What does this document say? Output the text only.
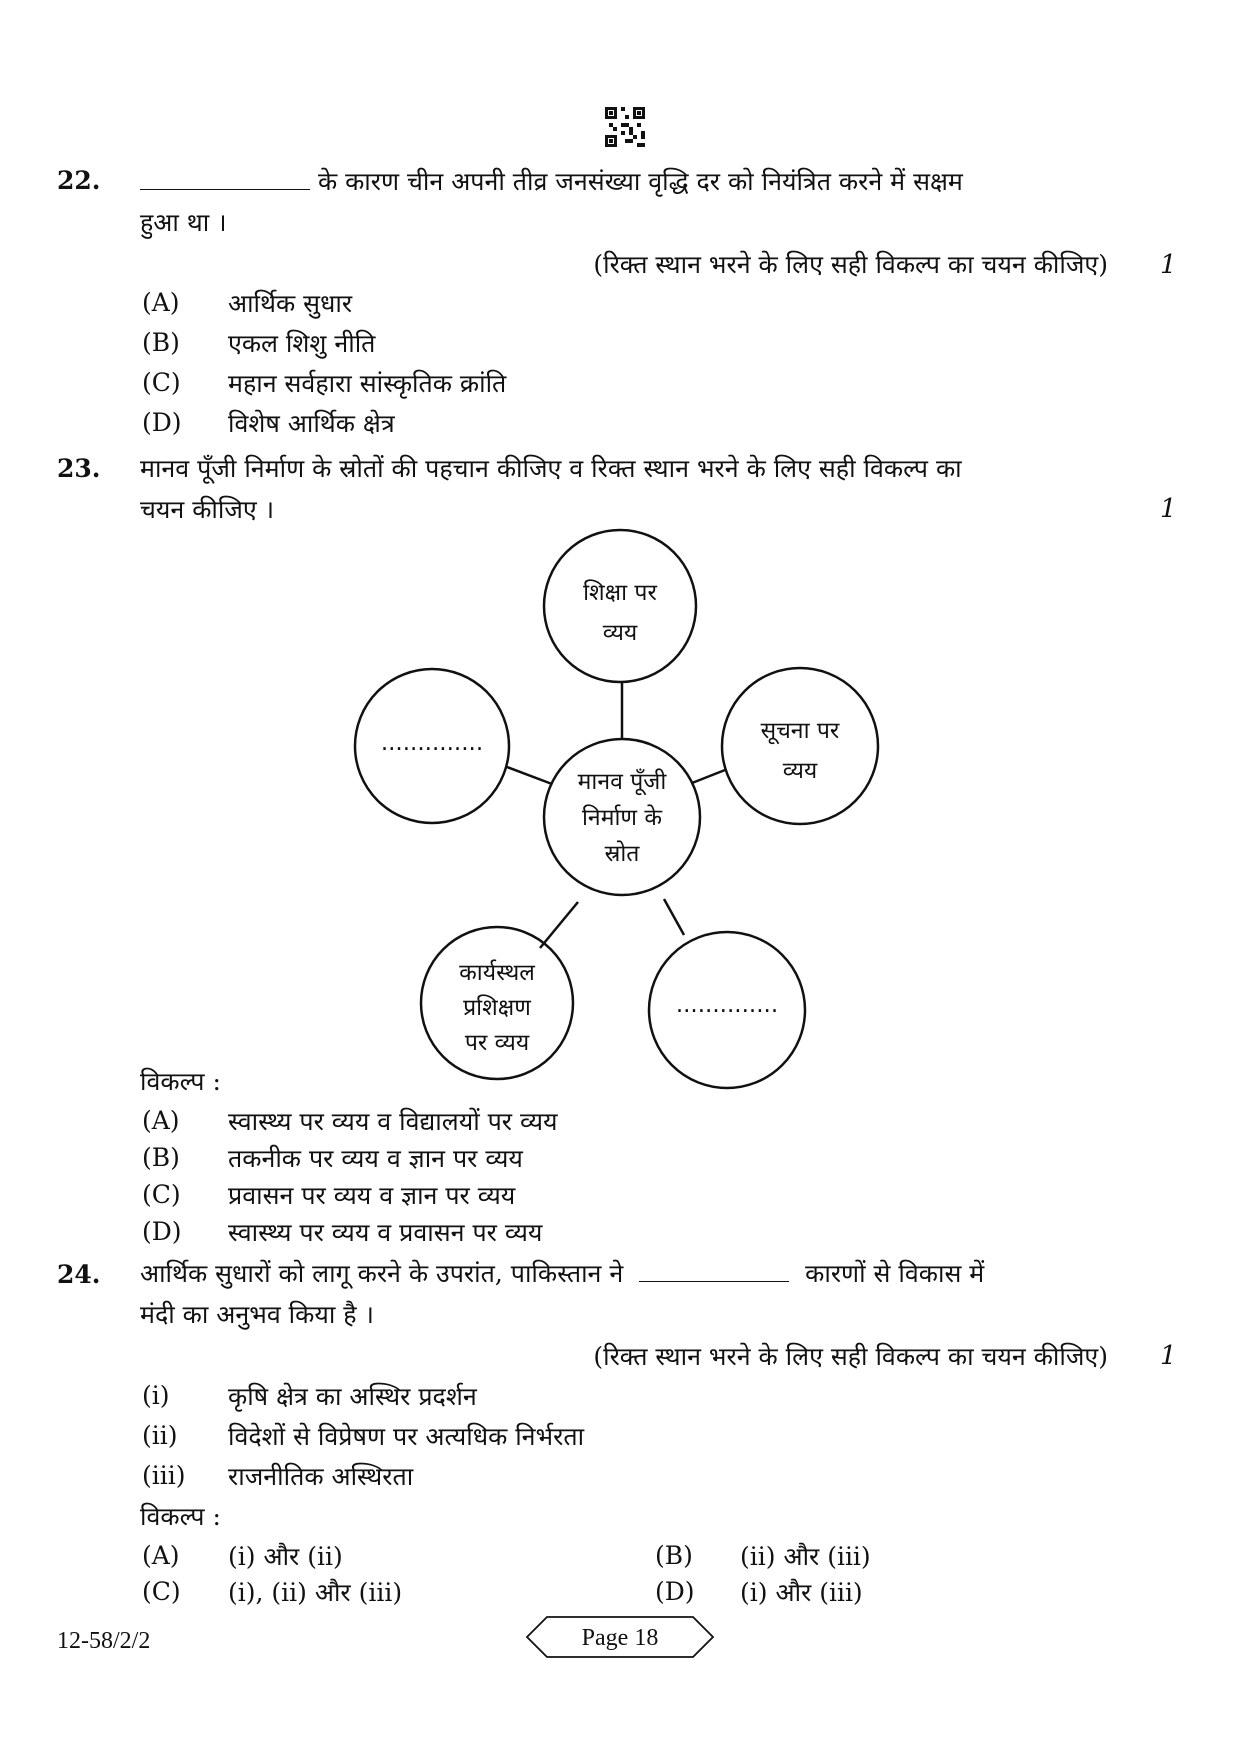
22.	के कारण चीन अपनी तीव्र जनसंख्या वृद्धि दर को नियंत्रित करने में सक्षम
हुआ था ।
(रिक्त स्थान भरने के लिए सही विकल्प का चयन कीजिए) 1
(A) आर्थिक सुधार
(B) एकल शिशु नीति
(C) महान सर्वहारा सांस्कृतिक क्रांति
(D) विशेष आर्थिक क्षेत्र
23. मानव पूँजी निर्माण के स्रोतों की पहचान कीजिए व रिक्त स्थान भरने के लिए सही विकल्प का
चयन कीजिए ।	1
मानव पूँजी
निर्माण के
स्रोत
शिक्षा पर
व्यय
सूचना पर
व्यय
..............
कार्यस्थल
प्रशिक्षण
पर व्यय
..............
विकल्प :
(A) स्वास्थ्य पर व्यय व विद्यालयों पर व्यय
(B) तकनीक पर व्यय व ज्ञान पर व्यय
(C) प्रवासन पर व्यय व ज्ञान पर व्यय
(D) स्वास्थ्य पर व्यय व प्रवासन पर व्यय
24. आर्थिक सुधारों को लागू करने के उपरांत, पाकिस्तान ने	कारणों से विकास में
मंदी का अनुभव किया है ।
(रिक्त स्थान भरने के लिए सही विकल्प का चयन कीजिए) 1
(i) कृषि क्षेत्र का अस्थिर प्रदर्शन
(ii) विदेशों से विप्रेषण पर अत्यधिक निर्भरता
(iii) राजनीतिक अस्थिरता
विकल्प :
(A) (i) और (ii)	(B) (ii) और (iii)
(C) (i), (ii) और (iii)	(D) (i) और (iii)
12-58/2/2	Page 18
